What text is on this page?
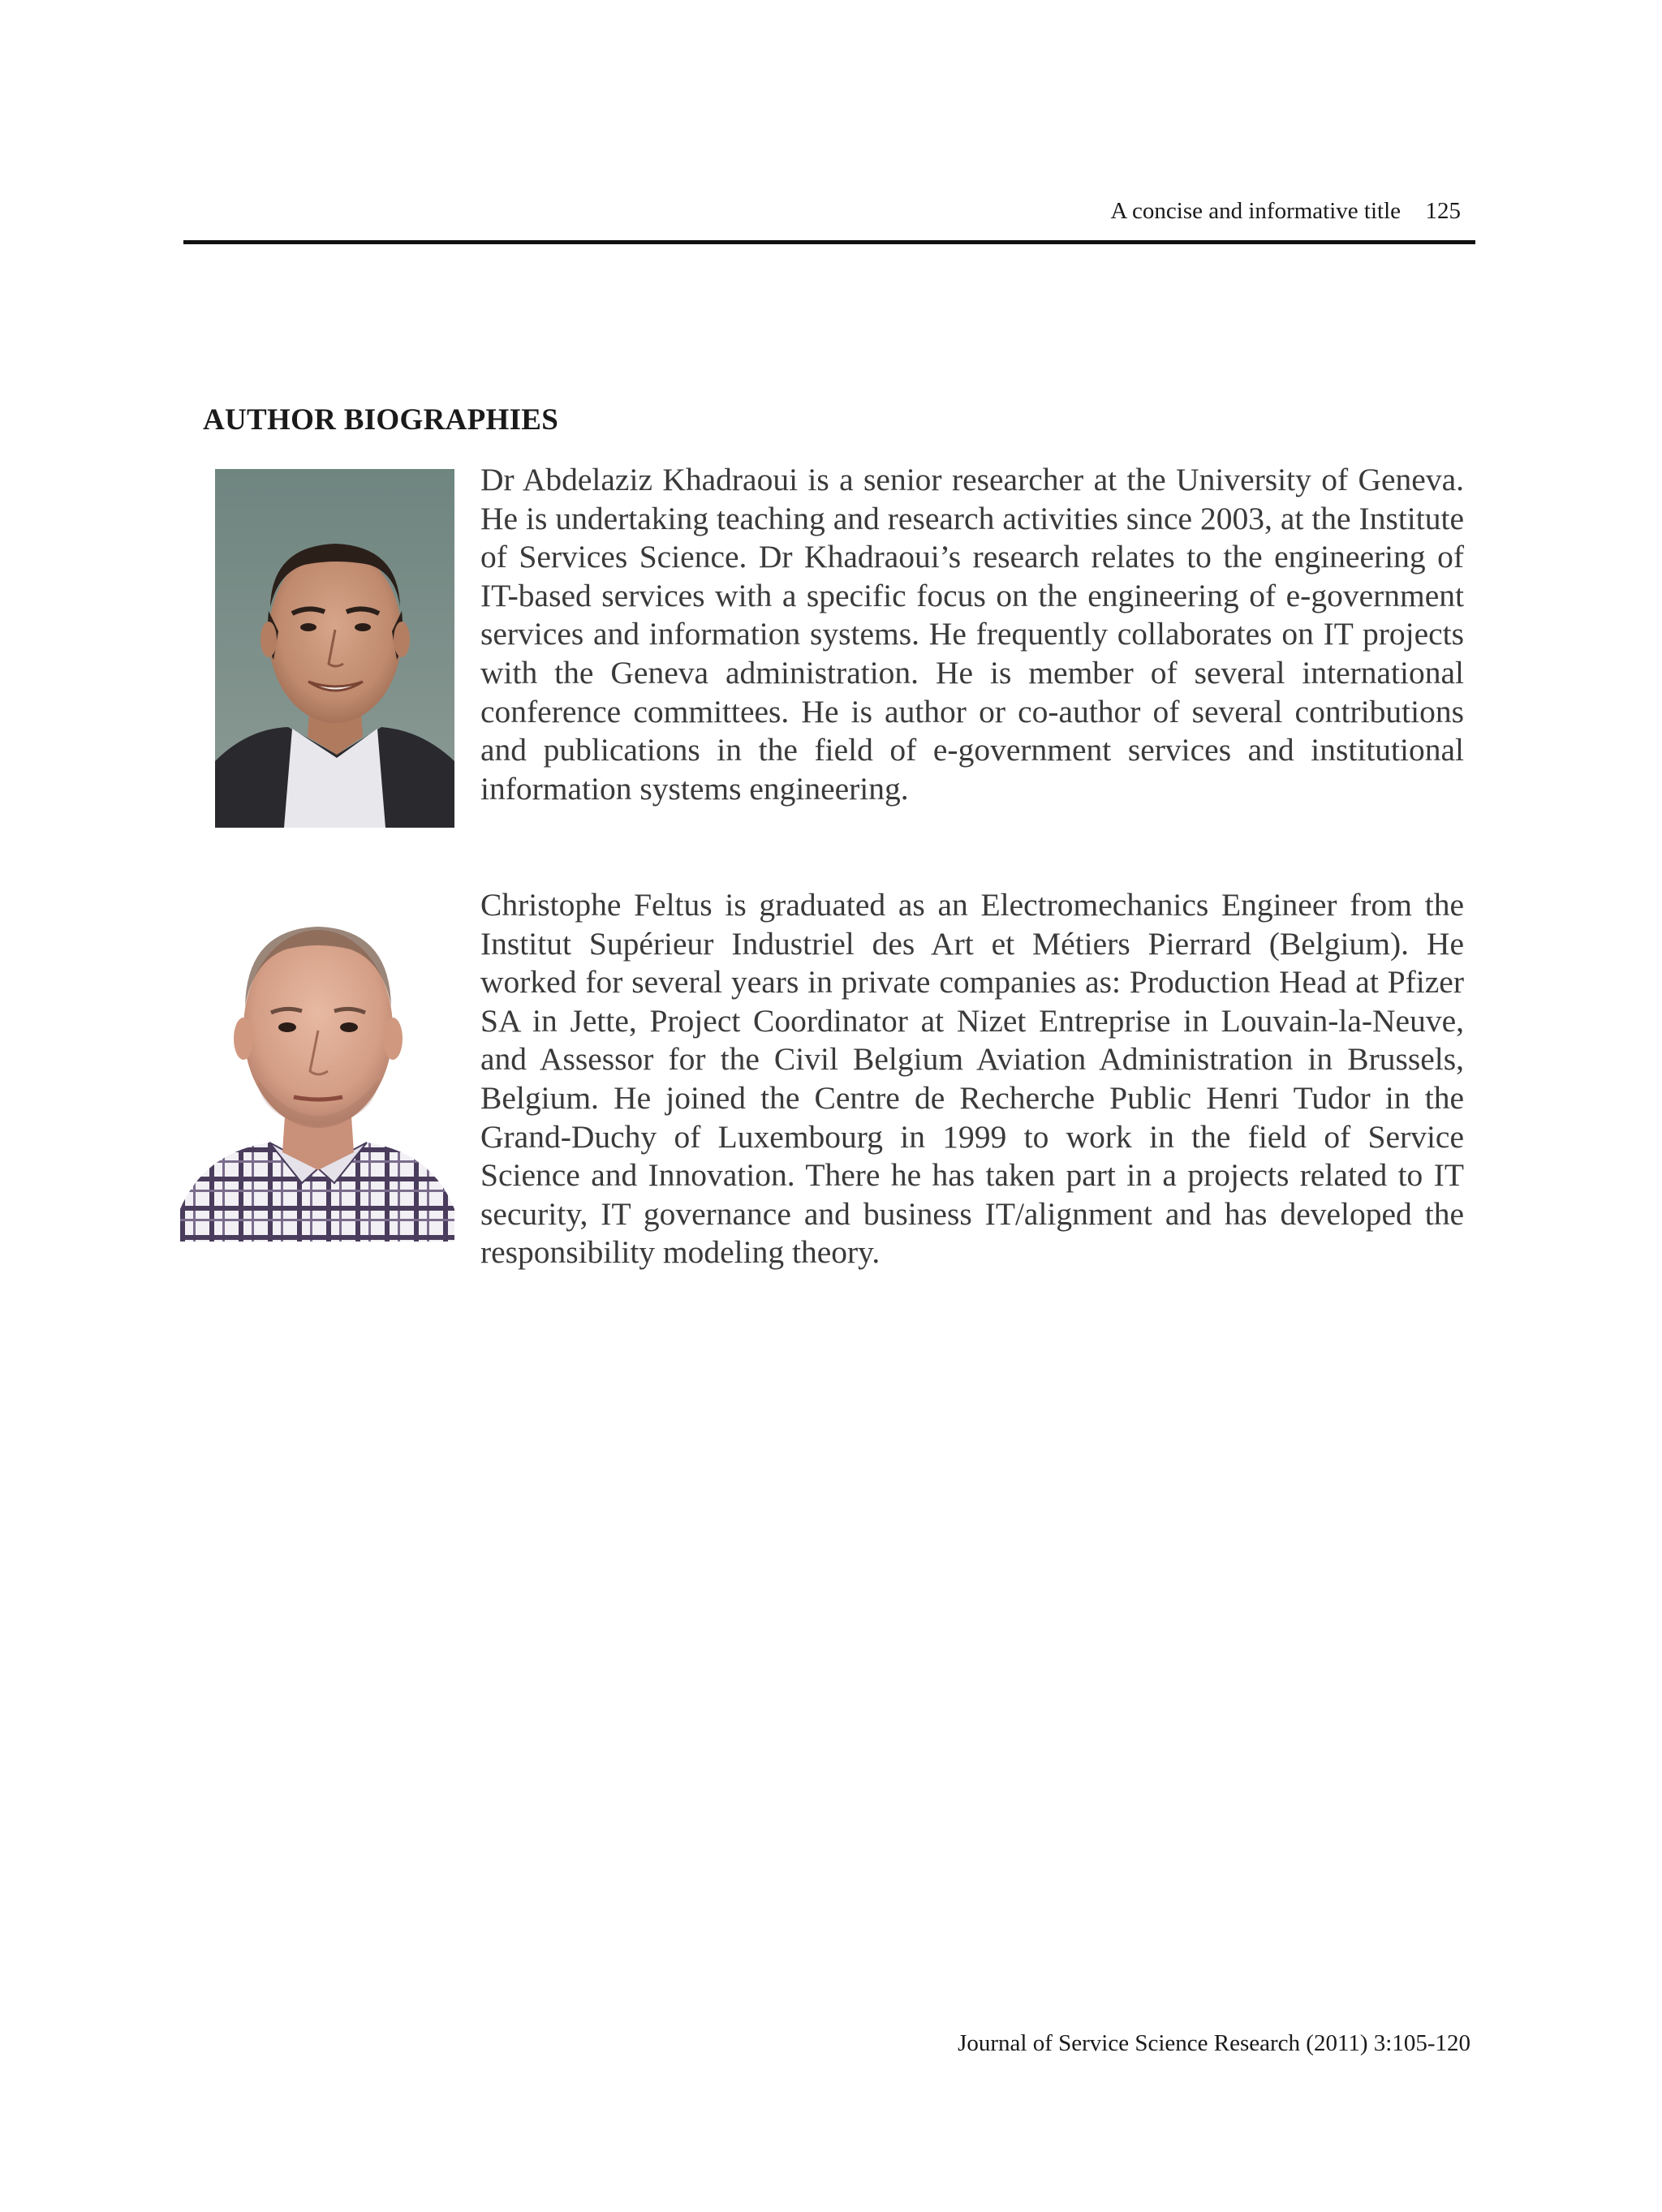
A concise and informative title 125
AUTHOR BIOGRAPHIES

Dr Abdelaziz Khadraoui is a senior researcher at the University of Geneva. He is undertaking teaching and research activities since 2003, at the Institute of Services Science. Dr Khadraoui’s research relates to the engineering of IT-based services with a specific focus on the engineering of e-government services and information systems. He frequently collaborates on IT projects with the Geneva administration. He is member of several international conference committees. He is author or co-author of several contributions and publications in the field of e-government services and institutional information systems engineering.

Christophe Feltus is graduated as an Electromechanics Engineer from the Institut Supérieur Industriel des Art et Métiers Pierrard (Belgium). He worked for several years in private companies as: Production Head at Pfizer SA in Jette, Project Coordinator at Nizet Entreprise in Louvain-la-Neuve, and Assessor for the Civil Belgium Aviation Administration in Brussels, Belgium. He joined the Centre de Recherche Public Henri Tudor in the Grand-Duchy of Luxembourg in 1999 to work in the field of Service Science and Innovation. There he has taken part in a projects related to IT security, IT governance and business IT/alignment and has developed the responsibility modeling theory.

Journal of Service Science Research (2011) 3:105-120
